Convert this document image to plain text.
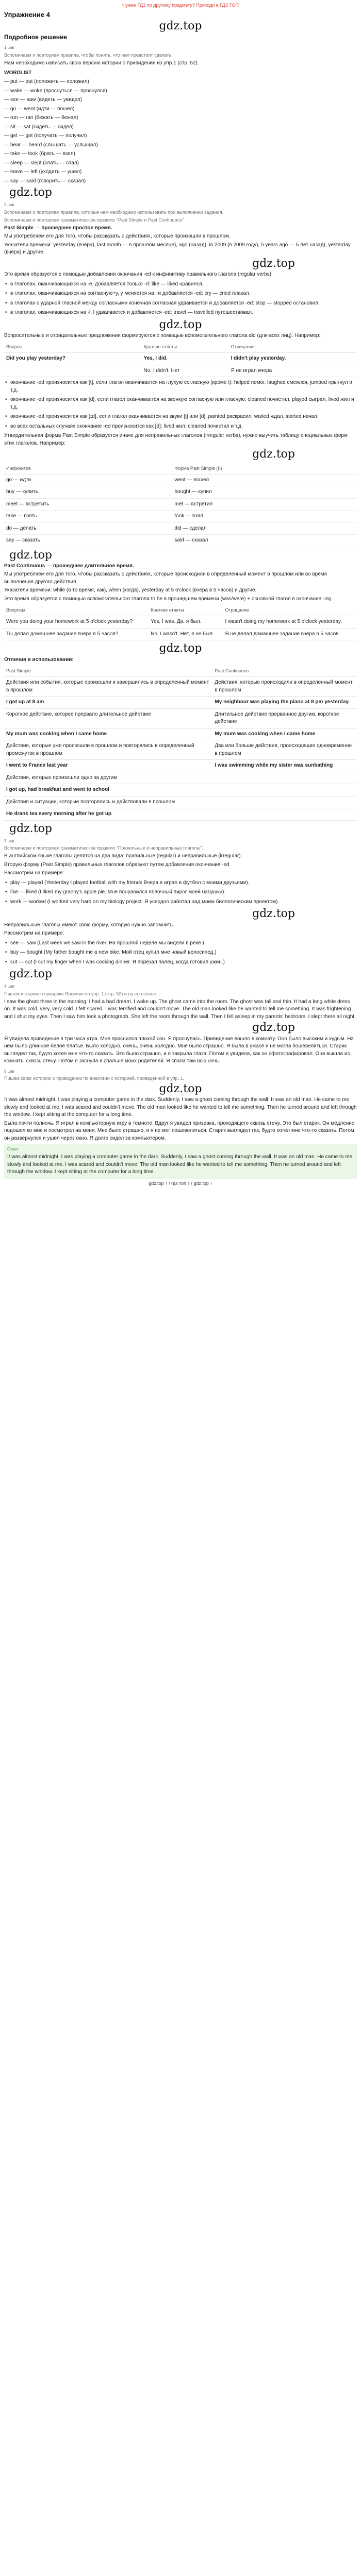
Нужен ГДЗ по другому предмету? Приходи в ГДЗ ТОП
Упражнение 4
gdz.top
Подробное решение
1 шаг

Вспоминаем и повторяем правила, чтобы понять, что нам предстоит сделать.

Нам необходимо написать свою версию истории о привидении из упр.1 (стр. 52).

WORDLIST

— put — put (положить — положил)
— wake — woke (проснуться — проснулся)
— see — saw (видеть — увидел)
— go — went (идти — пошел)
— run — ran (бежать — бежал)
— sit — sat (сидеть — сидел)
— get — got (получать — получил)
— hear — heard (слышать — услышал)
— take — took (брать — взял)
— sleep — slept (спать — спал)
— leave — left (уходить — ушел)
— say — said (говорить — сказал)
gdz.top
2 шаг

Вспоминаем и повторяем правила, которые нам необходимо использовать при выполнении задания.

Вспоминаем и повторяем грамматическое правило "Past Simple и Past Continuous"

Past Simple — прошедшее простое время.

Мы употребляем его для того, чтобы рассказать о действиях, которые произошли в прошлом.

Указатели времени: yesterday (вчера), last month — в прошлом месяце), ago (назад), in 2009 (в 2009 году), 5 years ago — 5 лет назад), yesterday (вчера) и другие.

gdz.top

Это время образуется с помощью добавления окончания -ed к инфинитиву правильного глагола (regular verbs):

• в глаголах, оканчивающихся на -е, добавляется только -d: like — liked нравился.
• в глаголах, оканчивающихся на согласную+у, у меняется на і и добавляется -ed: cry — cried плакал.
• в глаголах с ударной гласной между согласными конечная согласная удваивается и добавляется -ed: stop — stopped остановил.
• в глаголах, оканчивающихся на -l, l удваивается и добавляется -ed: travel — travelled путешествовал.
gdz.top

Вопросительные и отрицательные предложения формируются с помощью вспомогательного глагола did (для всех лиц). Например:

Вопрос	Краткие ответы	Отрицание
Did you play yesterday?	Yes, I did.	I didn't play yesterday.
	No, I didn't. Нет	Я не играл вчера
• окончание -ed произносится как [t], если глагол оканчивается на глухую согласную (кроме t): helped помог, laughed смеялся, jumped прыгнул и т.д.
• окончание -ed произносится как [d], если глагол оканчивается на звонкую согласную или гласную: cleaned почистил, played сыграл, lived жил и т.д.
• окончание -ed произносится как [ɪd], если глагол оканчивается на звуки [t] или [d]: painted раскрасил, waited ждал, started начал.
• во всех остальных случаях окончание -ed произносится как [d]: lived жил, cleaned почистил и т.д.

Утвердительная форма Past Simple образуется иначе для неправильных глаголов (irregular verbs), нужно выучить таблицу специальных форм этих глаголов. Например:

gdz.top
Инфинитив	Форма Past Simple (II)
go — идти	went — пошел
buy — купить	bought — купил
meet — встретить	met — встретил
take — взять	took — взял
do — делать	did — сделал
say — сказать	said — сказал
gdz.top

Past Continuous — прошедшее длительное время.

Мы употребляем его для того, чтобы рассказать о действиях, которые происходили в определенный момент в прошлом или во время выполнения другого действия.

Указатели времени: while (в то время, как), when (когда), yesterday at 5 o'clock (вчера в 5 часов) и другие.

Это время образуется с помощью вспомогательного глагола to be в прошедшем времени (was/were) + основной глагол в окончание -ing

Вопросы	Краткие ответы	Отрицание
Were you doing your homework at 5 o'clock yesterday?	Yes, I was. Да, я был.	I wasn't doing my homework at 5 o'clock yesterday.
Ты делал домашнее задание вчера в 5 часов?	No, I wasn't. Нет, я не был.	Я не делал домашнее задание вчера в 5 часов.
gdz.top

Отличия в использовании:

Past Simple	Past Continuous
Действия или события, которые произошли и завершились в определенный момент в прошлом	Действия, которые происходили в определенный момент в прошлом
I got up at 8 am	My neighbour was playing the piano at 8 pm yesterday.
Короткое действие, которое прервало длительное действие	Длительное действие прерванное другим, короткое действие
My mum was cooking when I came home	My mum was cooking when I came home
Действия, которые уже произошли в прошлом и повторялись в определенный промежуток в прошлом	Два или больше действия, происходящие одновременно в прошлом
I went to France last year	I was swimming while my sister was sunbathing
Действия, которые произошли одно за другим	
I got up, had breakfast and went to school	
Действия и ситуации, которые повторялись и действовали в прошлом	
He drank tea every morning after he got up	
gdz.top
3 шаг

Вспоминаем и повторяем грамматическое правило "Правильные и неправильные глаголы".

В английском языке глаголы делятся на два вида: правильные (regular) и неправильные (irregular).

Вторую форму (Past Simple) правильных глаголов образуют путем добавления окончания -ed

Рассмотрим на примере:

• play — played (Yesterday I played football with my friends Вчера я играл в футбол с моими друзьями).
• like — liked (I liked my granny's apple pie. Мне понравился яблочный пирог моей бабушки).
• work — worked (I worked very hard on my biology project. Я усердно работал над моим биологическим проектом).
gdz.top

Неправильные глаголы имеют свою форму, которую нужно запомнить.

Рассмотрим на примере:

• see — saw (Last week we saw in the river. На прошлой неделе мы видели в реке.)
• buy — bought (My father bought me a new bike. Мой отец купил мне новый велосипед.)
• cut — cut (I cut my finger when I was cooking dinner. Я порезал палец, когда готовил ужин.)
gdz.top
4 шаг

Пишем историю о призраке Василия по упр. 1 (стр. 52) и на ее основе.

I saw the ghost three in the morning. I had a bad dream. I woke up. The ghost came into the room. The ghost was tall and thin. It had a long white dress on. It was cold, very, very cold. I felt scared. I was terrified and couldn't move. The old man looked like he wanted to tell me something. It was frightening and I shut my eyes. Then I saw him took a photograph. She left the room through the wall. Then I fell asleep in my parents' bedroom. I slept there all night.

gdz.top

Я увидела привидение в три часа утра. Мне приснился плохой сон. Я проснулась. Привидение вошло в комнату. Оно было высоким и худым. На нем было длинное белое платье. Было холодно, очень, очень холодно. Мне было страшно. Я была в ужасе и не могла пошевелиться. Старик выглядел так, будто хотел мне что-то сказать. Это было страшно, и я закрыла глаза. Потом я увидела, как он сфотографировал. Она вышла из комнаты сквозь стену. Потом я заснула в спальне моих родителей. Я спала там всю ночь.

5 шаг

Пишем свою историю о привидении по аналогии с историей, приведенной в упр. 1.

gdz.top

It was almost midnight. I was playing a computer game in the dark. Suddenly, I saw a ghost coming through the wall. It was an old man. He came to me slowly and looked at me. I was scared and couldn't move. The old man looked like he wanted to tell me something. Then he turned around and left through the window. I kept sitting at the computer for a long time.

Была почти полночь. Я играл в компьютерную игру в темноте. Вдруг я увидел призрака, проходящего сквозь стену. Это был старик. Он медленно подошел ко мне и посмотрел на меня. Мне было страшно, и я не мог пошевелиться. Старик выглядел так, будто хотел мне что-то сказать. Потом он развернулся и ушел через окно. Я долго сидел за компьютером.

Ответ

It was almost midnight. I was playing a computer game in the dark. Suddenly, I saw a ghost coming through the wall. It was an old man. He came to me slowly and looked at me. I was scared and couldn't move. The old man looked like he wanted to tell me something. Then he turned around and left through the window. I kept sitting at the computer for a long time.

gdz.top ↑ / гдз топ ↑ / gdz.top ↑
